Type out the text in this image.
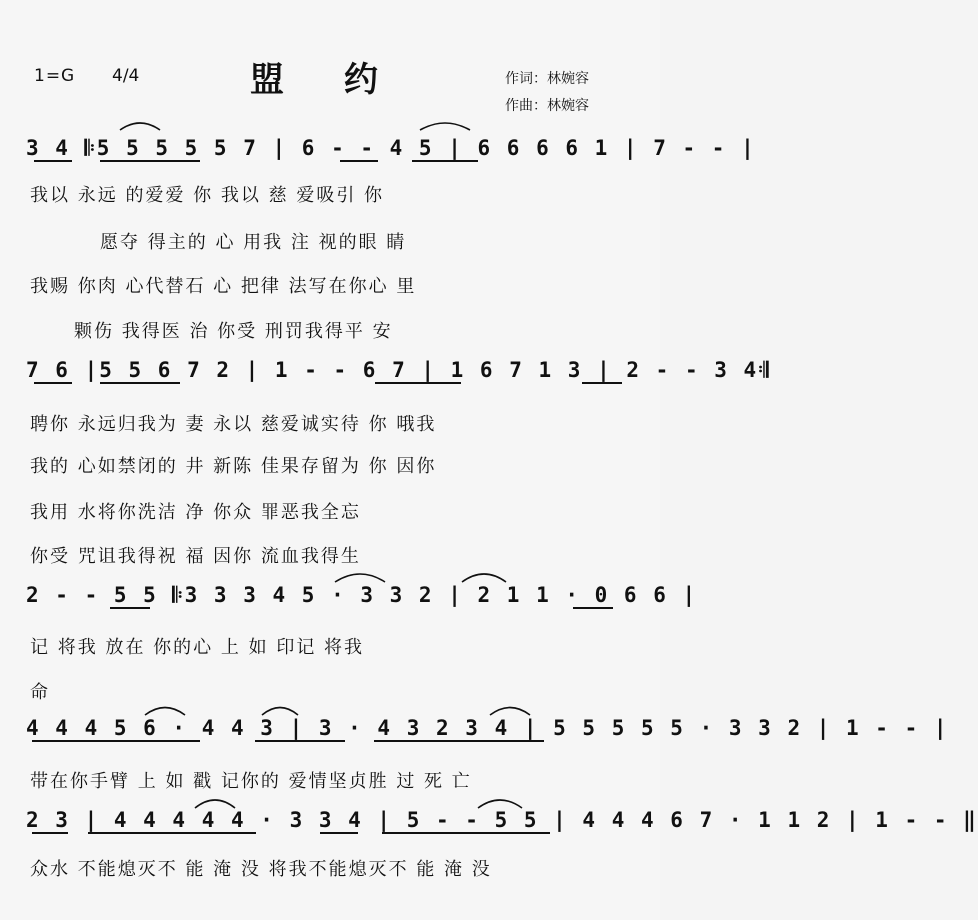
1=G 4/4	盟约	作词：林婉容
作曲：林婉容
3 4 𝄆5 5 5 5 5 7 | 6 - - 4 5 | 6 6 6 6 1 | 7 - - |
7 6 |5 5 6 7 2 | 1 - - 6 7 | 1 6 7 1 3 | 2 - - 3 4𝄇
2 - - 5 5 𝄆3 3 3 4 5 · 3 3 2 | 2 1 1 · 0 6 6 |
4 4 4 5 6 · 4 4 3 | 3 · 4 3 2 3 4 | 5 5 5 5 5 · 3 3 2 | 1 - - |
2 3 | 4 4 4 4 4 · 3 3 4 | 5 - - 5 5 | 4 4 4 6 7 · 1 1 2 | 1 - - ‖
我以 永远 的爱爱 你 我以 慈 爱吸引 你
愿夺 得主的 心 用我 注 视的眼 睛
我赐 你肉 心代替石 心 把律 法写在你心 里
颗伤 我得医 治 你受 刑罚我得平 安
聘你 永远归我为 妻 永以 慈爱诚实待 你 哦我
我的 心如禁闭的 井 新陈 佳果存留为 你 因你
我用 水将你洗洁 净 你众 罪恶我全忘
你受 咒诅我得祝 福 因你 流血我得生
记 将我 放在 你的心 上 如 印记 将我
命
带在你手臂 上 如 戳 记你的 爱情坚贞胜 过 死 亡
众水 不能熄灭不 能 淹 没 将我不能熄灭不 能 淹 没
